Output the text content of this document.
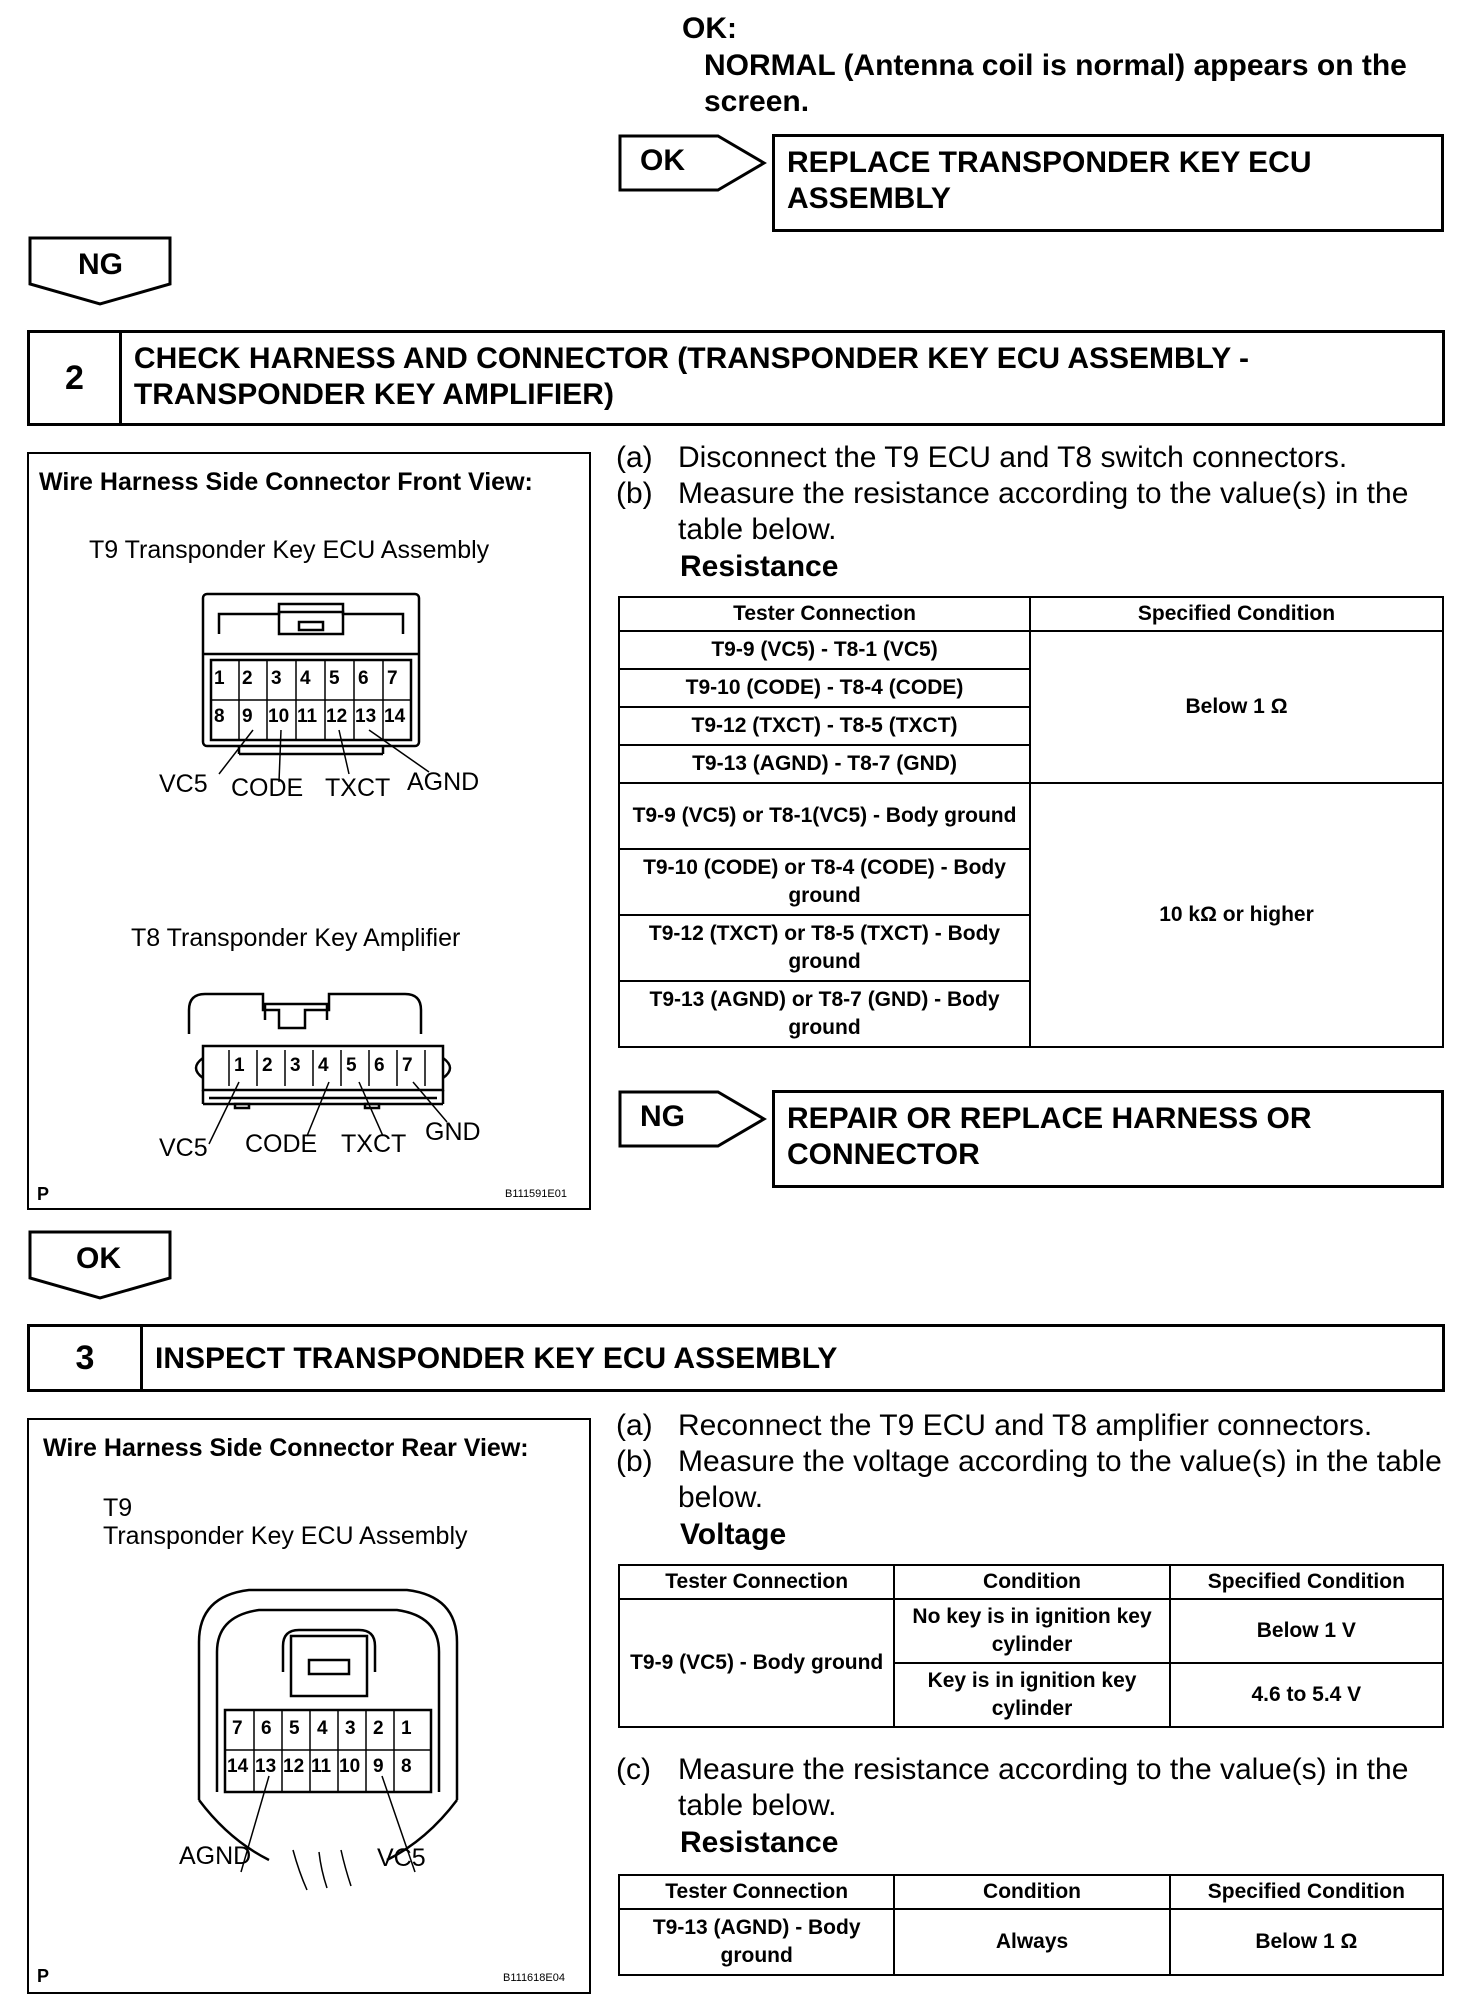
OK:
NORMAL (Antenna coil is normal) appears on the screen.
OK	REPLACE TRANSPONDER KEY ECU ASSEMBLY
NG
2	CHECK HARNESS AND CONNECTOR (TRANSPONDER KEY ECU ASSEMBLY - TRANSPONDER KEY AMPLIFIER)
Wire Harness Side Connector Front View:
T9 Transponder Key ECU Assembly
1 2 3 4 5 6 7
8 9 10 11 12 13 14
VC5 CODE TXCT AGND
T8 Transponder Key Amplifier
1 2 3 4 5 6 7
VC5 CODE TXCT GND
P	B111591E01
(a) Disconnect the T9 ECU and T8 switch connectors.
(b) Measure the resistance according to the value(s) in the table below.
Resistance
Tester Connection	Specified Condition
T9-9 (VC5) - T8-1 (VC5)	Below 1 Ω
T9-10 (CODE) - T8-4 (CODE)	
T9-12 (TXCT) - T8-5 (TXCT)	
T9-13 (AGND) - T8-7 (GND)	
T9-9 (VC5) or T8-1(VC5) - Body ground	10 kΩ or higher
T9-10 (CODE) or T8-4 (CODE) - Body ground	
T9-12 (TXCT) or T8-5 (TXCT) - Body ground	
T9-13 (AGND) or T8-7 (GND) - Body ground	
NG	REPAIR OR REPLACE HARNESS OR CONNECTOR
OK
3	INSPECT TRANSPONDER KEY ECU ASSEMBLY
Wire Harness Side Connector Rear View:
T9
Transponder Key ECU Assembly
7 6 5 4 3 2 1
14 13 12 11 10 9 8
AGND	VC5
P	B111618E04
(a) Reconnect the T9 ECU and T8 amplifier connectors.
(b) Measure the voltage according to the value(s) in the table below.
Voltage
Tester Connection	Condition	Specified Condition
T9-9 (VC5) - Body ground	No key is in ignition key cylinder	Below 1 V
	Key is in ignition key cylinder	4.6 to 5.4 V
(c) Measure the resistance according to the value(s) in the table below.
Resistance
Tester Connection	Condition	Specified Condition
T9-13 (AGND) - Body ground	Always	Below 1 Ω
